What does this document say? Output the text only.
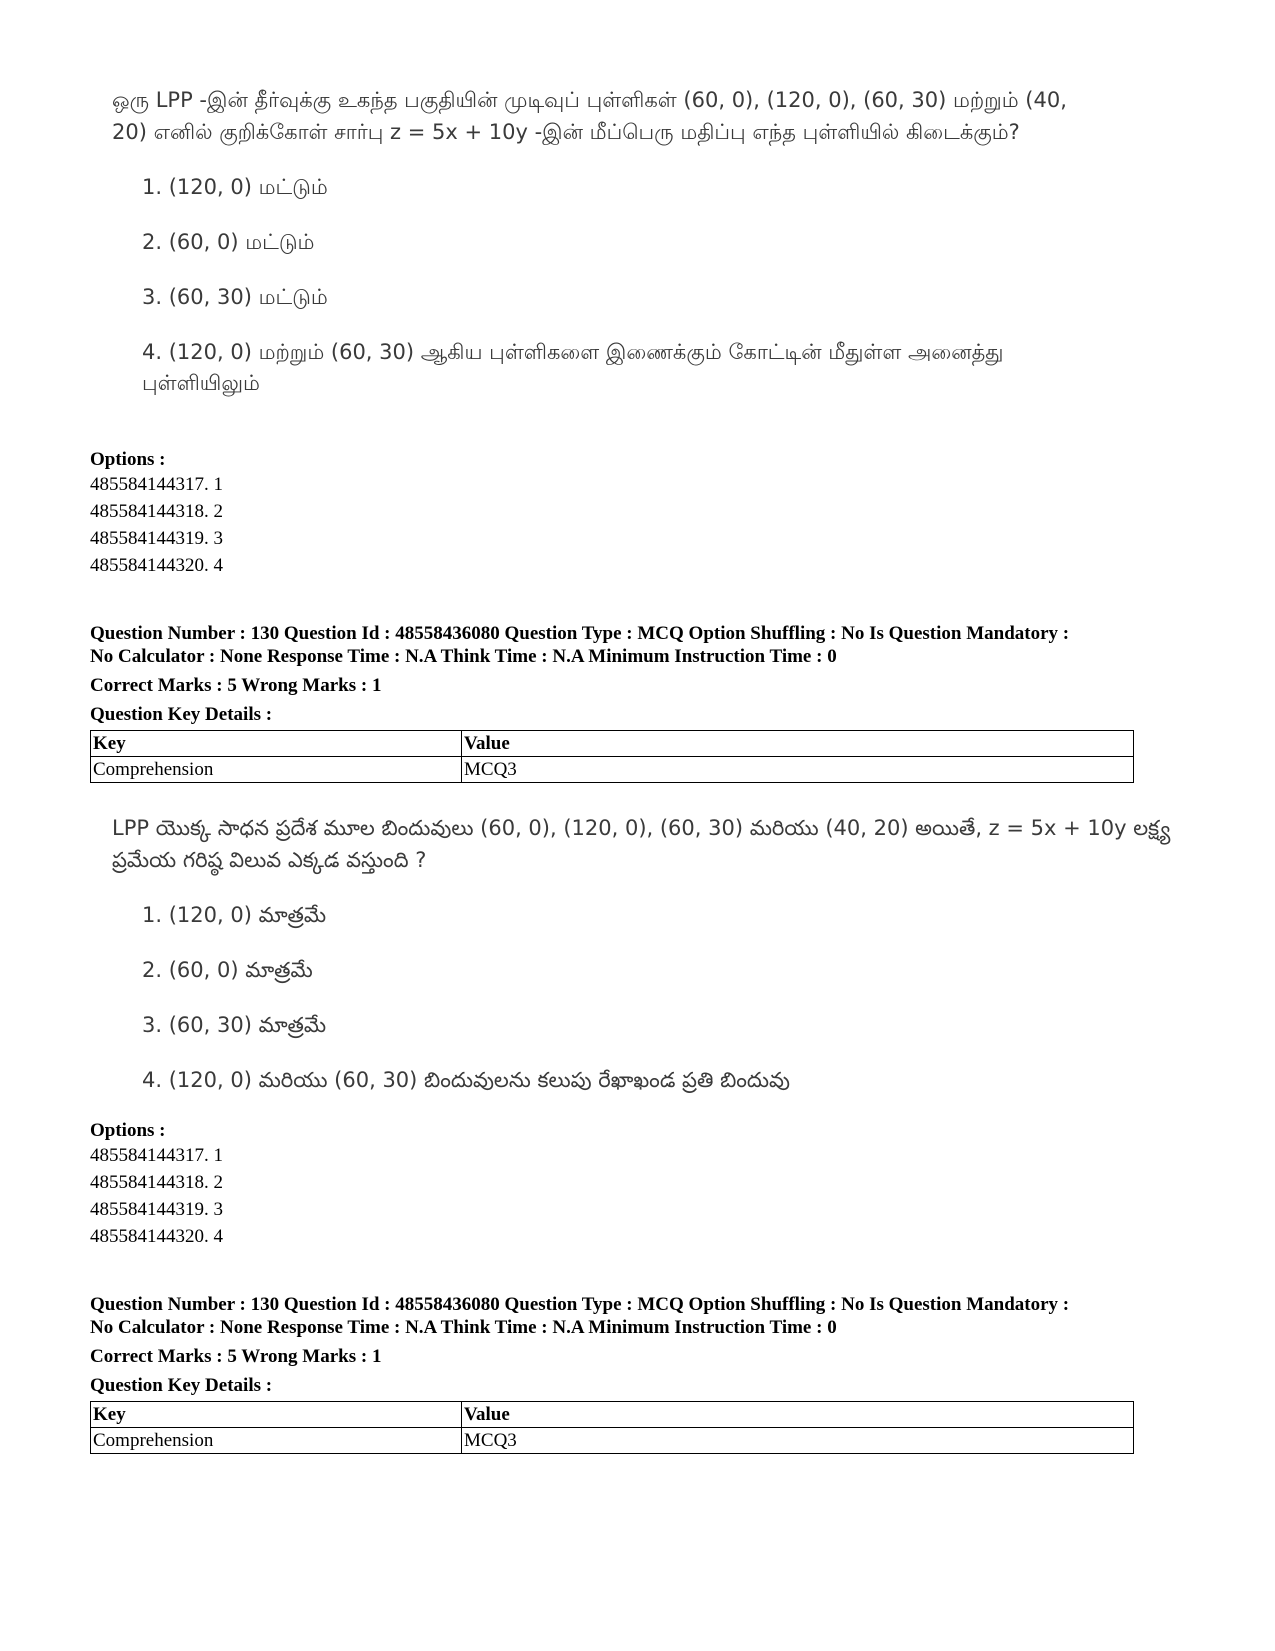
ஒரு LPP -இன் தீர்வுக்கு உகந்த பகுதியின் முடிவுப் புள்ளிகள் (60, 0), (120, 0), (60, 30) மற்றும் (40, 20) எனில் குறிக்கோள் சார்பு z = 5x + 10y -இன் மீப்பெரு மதிப்பு எந்த புள்ளியில் கிடைக்கும்?

1. (120, 0) மட்டும்
2. (60, 0) மட்டும்
3. (60, 30) மட்டும்
4. (120, 0) மற்றும் (60, 30) ஆகிய புள்ளிகளை இணைக்கும் கோட்டின் மீதுள்ள அனைத்து புள்ளியிலும்

Options :

485584144317. 1

485584144318. 2

485584144319. 3

485584144320. 4

Question Number : 130 Question Id : 48558436080 Question Type : MCQ Option Shuffling : No Is Question Mandatory :

No Calculator : None Response Time : N.A Think Time : N.A Minimum Instruction Time : 0

Correct Marks : 5 Wrong Marks : 1

Question Key Details :

Key	Value
Comprehension	MCQ3

LPP యొక్క సాధన ప్రదేశ మూల బిందువులు (60, 0), (120, 0), (60, 30) మరియు (40, 20) అయితే, z = 5x + 10y లక్ష్య ప్రమేయ గరిష్ఠ విలువ ఎక్కడ వస్తుంది ?

1. (120, 0) మాత్రమే
2. (60, 0) మాత్రమే
3. (60, 30) మాత్రమే
4. (120, 0) మరియు (60, 30) బిందువులను కలుపు రేఖాఖండ ప్రతి బిందువు

Options :

485584144317. 1

485584144318. 2

485584144319. 3

485584144320. 4

Question Number : 130 Question Id : 48558436080 Question Type : MCQ Option Shuffling : No Is Question Mandatory :

No Calculator : None Response Time : N.A Think Time : N.A Minimum Instruction Time : 0

Correct Marks : 5 Wrong Marks : 1

Question Key Details :

Key	Value
Comprehension	MCQ3
